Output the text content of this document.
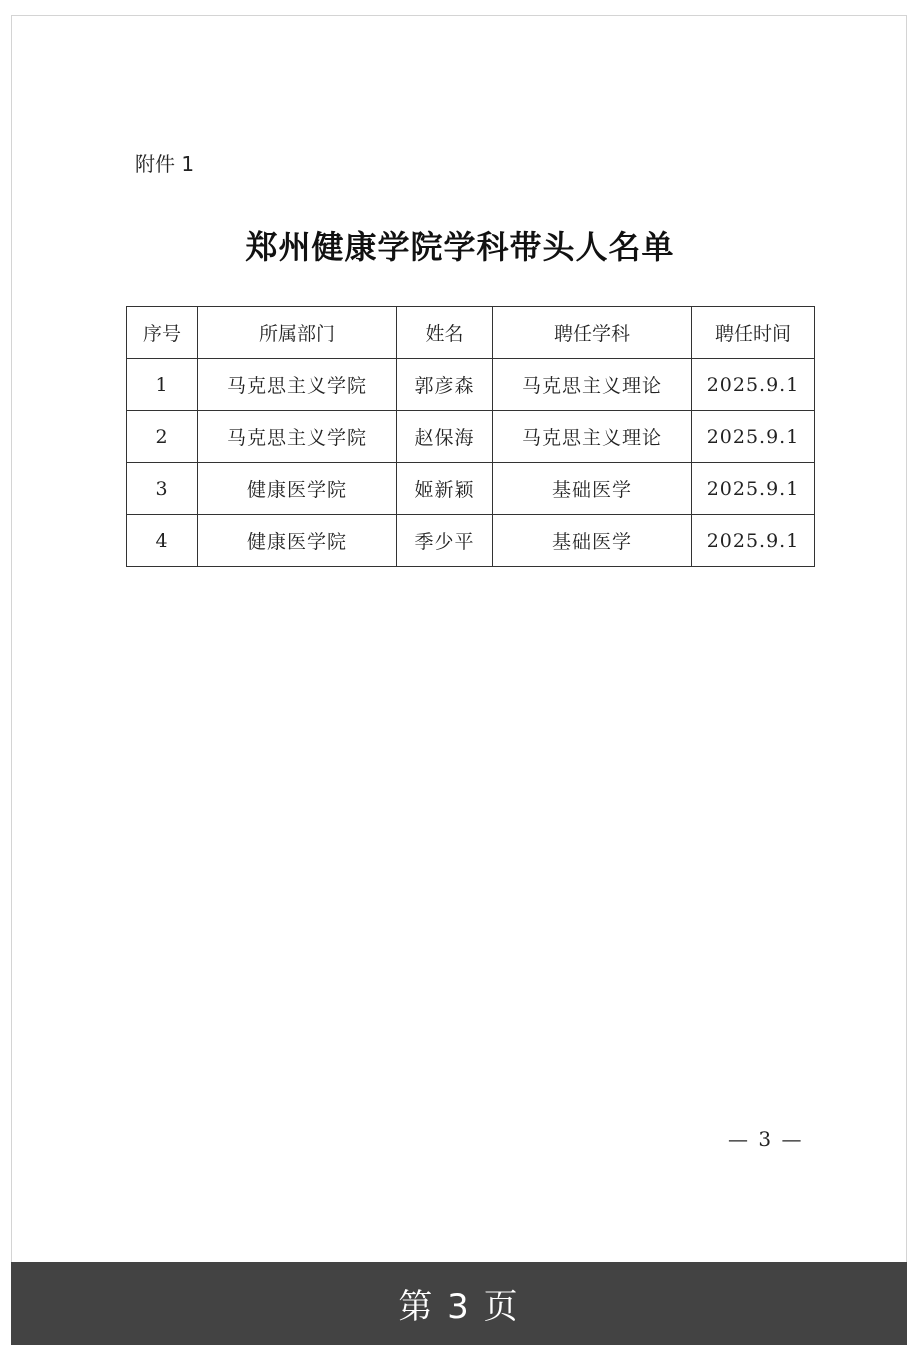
附件 1
郑州健康学院学科带头人名单
序号	所属部门	姓名	聘任学科	聘任时间
1	马克思主义学院	郭彦森	马克思主义理论	2025.9.1
2	马克思主义学院	赵保海	马克思主义理论	2025.9.1
3	健康医学院	姬新颖	基础医学	2025.9.1
4	健康医学院	季少平	基础医学	2025.9.1
— 3 —
第 3 页
